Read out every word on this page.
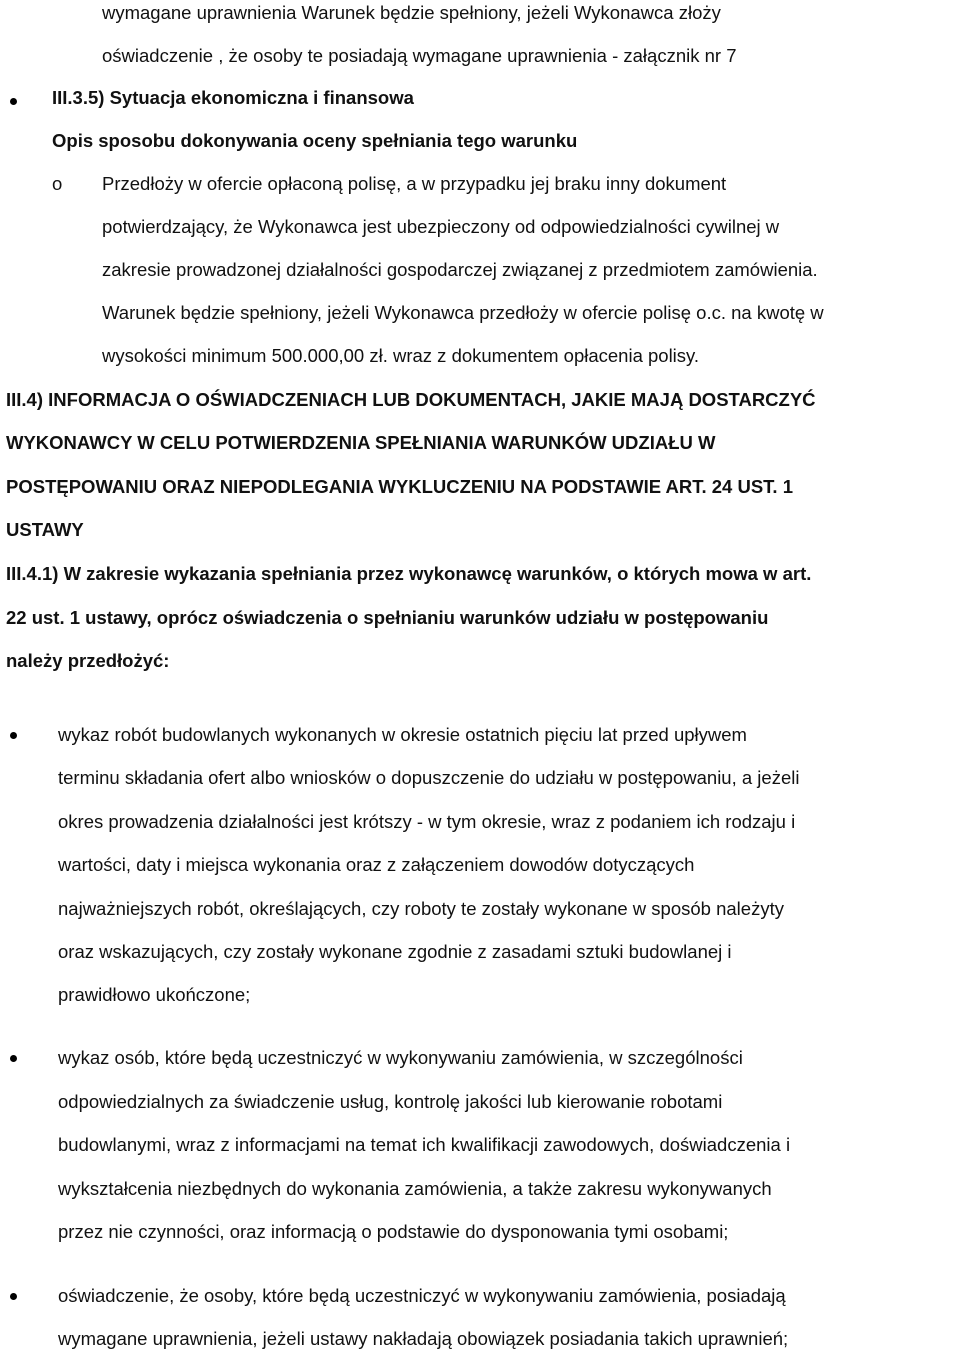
wymagane uprawnienia Warunek będzie spełniony, jeżeli Wykonawca złoży
oświadczenie , że osoby te posiadają wymagane uprawnienia - załącznik nr 7
III.3.5) Sytuacja ekonomiczna i finansowa
Opis sposobu dokonywania oceny spełniania tego warunku
o Przedłoży w ofercie opłaconą polisę, a w przypadku jej braku inny dokument
potwierdzający, że Wykonawca jest ubezpieczony od odpowiedzialności cywilnej w
zakresie prowadzonej działalności gospodarczej związanej z przedmiotem zamówienia.
Warunek będzie spełniony, jeżeli Wykonawca przedłoży w ofercie polisę o.c. na kwotę w
wysokości minimum 500.000,00 zł. wraz z dokumentem opłacenia polisy.
III.4) INFORMACJA O OŚWIADCZENIACH LUB DOKUMENTACH, JAKIE MAJĄ DOSTARCZYĆ
WYKONAWCY W CELU POTWIERDZENIA SPEŁNIANIA WARUNKÓW UDZIAŁU W
POSTĘPOWANIU ORAZ NIEPODLEGANIA WYKLUCZENIU NA PODSTAWIE ART. 24 UST. 1
USTAWY
III.4.1) W zakresie wykazania spełniania przez wykonawcę warunków, o których mowa w art.
22 ust. 1 ustawy, oprócz oświadczenia o spełnianiu warunków udziału w postępowaniu
należy przedłożyć:
wykaz robót budowlanych wykonanych w okresie ostatnich pięciu lat przed upływem
terminu składania ofert albo wniosków o dopuszczenie do udziału w postępowaniu, a jeżeli
okres prowadzenia działalności jest krótszy - w tym okresie, wraz z podaniem ich rodzaju i
wartości, daty i miejsca wykonania oraz z załączeniem dowodów dotyczących
najważniejszych robót, określających, czy roboty te zostały wykonane w sposób należyty
oraz wskazujących, czy zostały wykonane zgodnie z zasadami sztuki budowlanej i
prawidłowo ukończone;
wykaz osób, które będą uczestniczyć w wykonywaniu zamówienia, w szczególności
odpowiedzialnych za świadczenie usług, kontrolę jakości lub kierowanie robotami
budowlanymi, wraz z informacjami na temat ich kwalifikacji zawodowych, doświadczenia i
wykształcenia niezbędnych do wykonania zamówienia, a także zakresu wykonywanych
przez nie czynności, oraz informacją o podstawie do dysponowania tymi osobami;
oświadczenie, że osoby, które będą uczestniczyć w wykonywaniu zamówienia, posiadają
wymagane uprawnienia, jeżeli ustawy nakładają obowiązek posiadania takich uprawnień;
